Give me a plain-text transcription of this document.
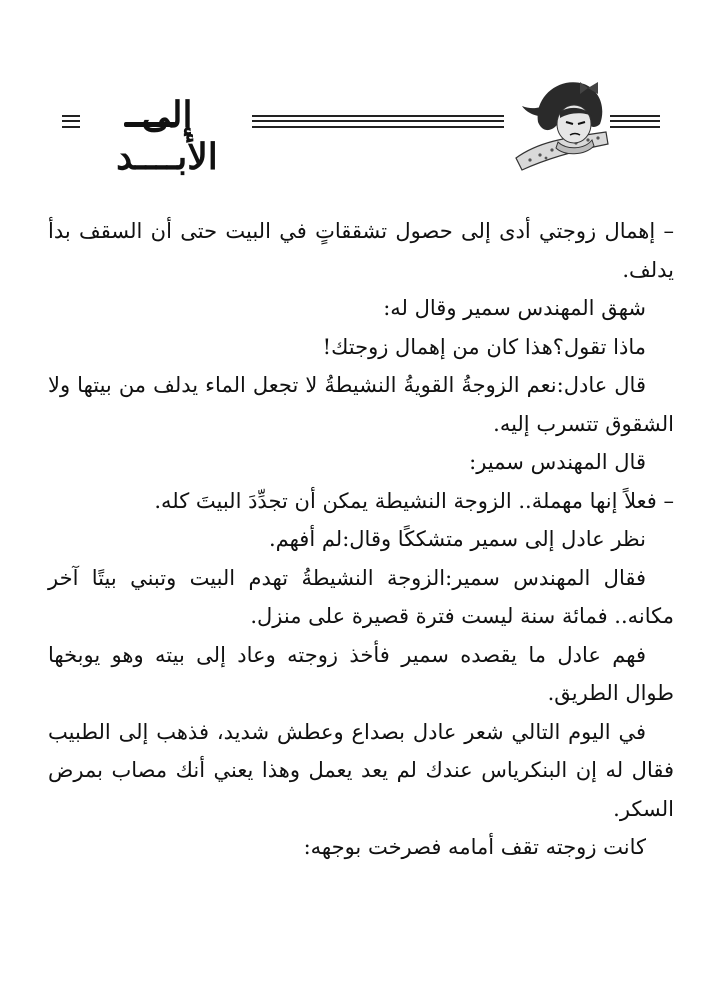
إلى الأبــــد

– إهمال زوجتي أدى إلى حصول تشققاتٍ في البيت حتى أن السقف بدأ يدلف.

شهق المهندس سمير وقال له:

ماذا تقول؟هذا كان من إهمال زوجتك!

قال عادل:نعم الزوجةُ القويةُ النشيطةُ لا تجعل الماء يدلف من بيتها ولا الشقوق تتسرب إليه.

قال المهندس سمير:

– فعلاً إنها مهملة.. الزوجة النشيطة يمكن أن تجدِّدَ البيتَ كله.

نظر عادل إلى سمير متشككًا وقال:لم أفهم.

فقال المهندس سمير:الزوجة النشيطةُ تهدم البيت وتبني بيتًا آخر مكانه.. فمائة سنة ليست فترة قصيرة على منزل.

فهم عادل ما يقصده سمير فأخذ زوجته وعاد إلى بيته وهو يوبخها طوال الطريق.

في اليوم التالي شعر عادل بصداع وعطش شديد، فذهب إلى الطبيب فقال له إن البنكرياس عندك لم يعد يعمل وهذا يعني أنك مصاب بمرض السكر.

كانت زوجته تقف أمامه فصرخت بوجهه:
